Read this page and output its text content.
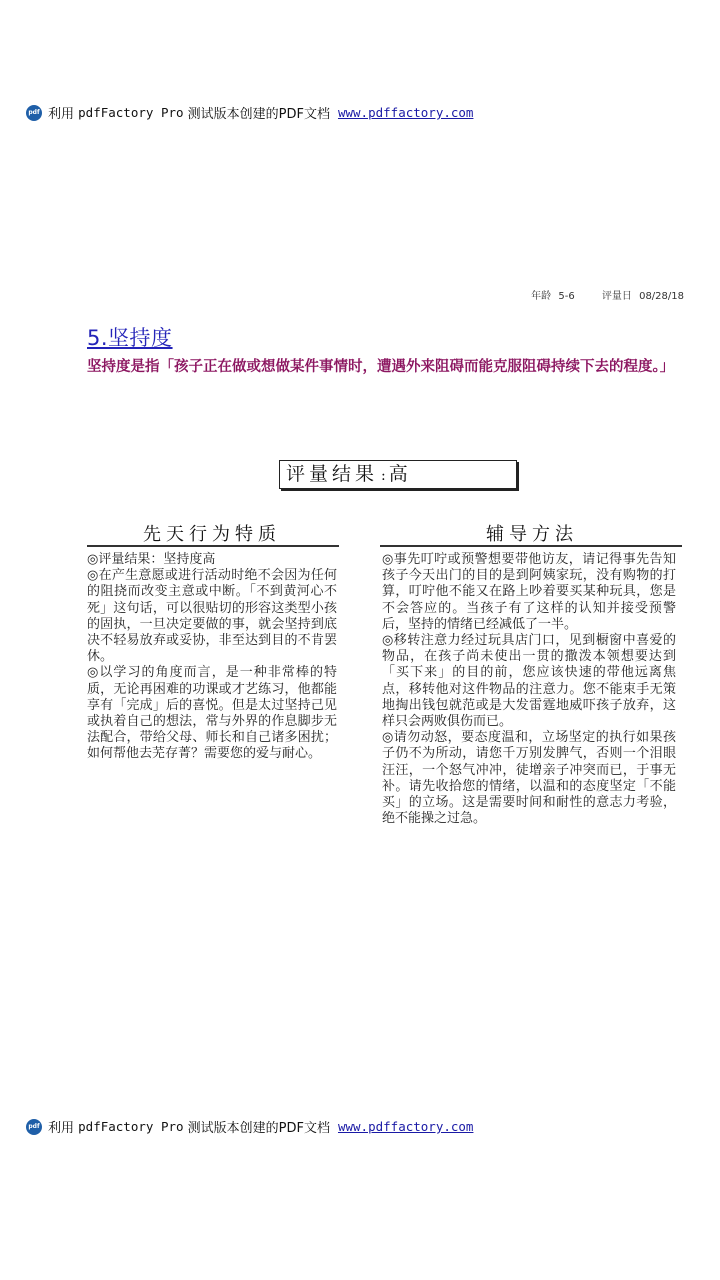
pdf 利用
pdfFactory Pro
测试版本创建的PDF文档 www.pdffactory.com
年龄 5-6	评量日 08/28/18
5.坚持度
坚持度是指「孩子正在做或想做某件事情时，遭遇外来阻碍而能克服阻碍持续下去的程度。」
评量结果 : 高
先天行为特质	辅导方法

◎评量结果：坚持度高

◎在产生意愿或进行活动时绝不会因为任何的阻挠而改变主意或中断。「不到黄河心不死」这句话，可以很贴切的形容这类型小孩的固执，一旦决定要做的事，就会坚持到底决不轻易放弃或妥协，非至达到目的不肯罢休。

◎以学习的角度而言，是一种非常棒的特质，无论再困难的功课或才艺练习，他都能享有「完成」后的喜悦。但是太过坚持己见或执着自己的想法，常与外界的作息脚步无法配合，带给父母、师长和自己诸多困扰；如何帮他去芜存菁？需要您的爱与耐心。

◎事先叮咛或预警想要带他访友，请记得事先告知孩子今天出门的目的是到阿姨家玩，没有购物的打算，叮咛他不能又在路上吵着要买某种玩具，您是不会答应的。当孩子有了这样的认知并接受预警后，坚持的情绪已经减低了一半。

◎移转注意力经过玩具店门口，见到橱窗中喜爱的物品，在孩子尚未使出一贯的撒泼本领想要达到「买下来」的目的前，您应该快速的带他远离焦点，移转他对这件物品的注意力。您不能束手无策地掏出钱包就范或是大发雷霆地威吓孩子放弃，这样只会两败俱伤而已。

◎请勿动怒，要态度温和，立场坚定的执行如果孩子仍不为所动，请您千万别发脾气，否则一个泪眼汪汪，一个怒气冲冲，徒增亲子冲突而已，于事无补。请先收拾您的情绪，以温和的态度坚定「不能买」的立场。这是需要时间和耐性的意志力考验，绝不能操之过急。

pdf 利用
pdfFactory Pro
测试版本创建的PDF文档 www.pdffactory.com
